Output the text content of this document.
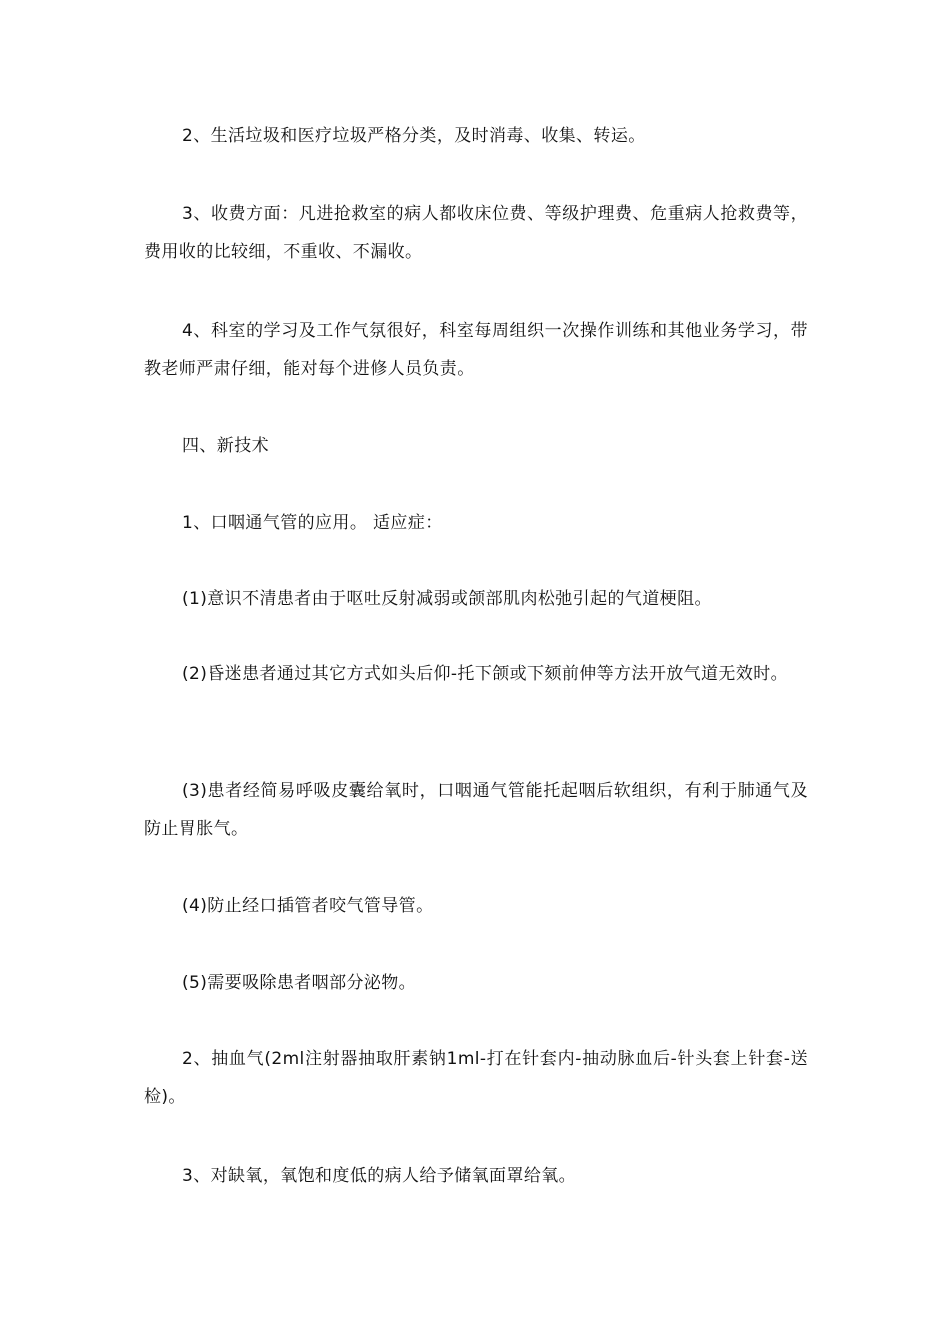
2、生活垃圾和医疗垃圾严格分类，及时消毒、收集、转运。

3、收费方面：凡进抢救室的病人都收床位费、等级护理费、危重病人抢救费等，费用收的比较细，不重收、不漏收。

4、科室的学习及工作气氛很好，科室每周组织一次操作训练和其他业务学习，带教老师严肃仔细，能对每个进修人员负责。

四、新技术

1、口咽通气管的应用。 适应症：

(1)意识不清患者由于呕吐反射减弱或颌部肌肉松弛引起的气道梗阻。

(2)昏迷患者通过其它方式如头后仰-托下颌或下颏前伸等方法开放气道无效时。

(3)患者经简易呼吸皮囊给氧时，口咽通气管能托起咽后软组织，有利于肺通气及防止胃胀气。

(4)防止经口插管者咬气管导管。

(5)需要吸除患者咽部分泌物。

2、抽血气(2ml注射器抽取肝素钠1ml-打在针套内-抽动脉血后-针头套上针套-送检)。

3、对缺氧，氧饱和度低的病人给予储氧面罩给氧。
